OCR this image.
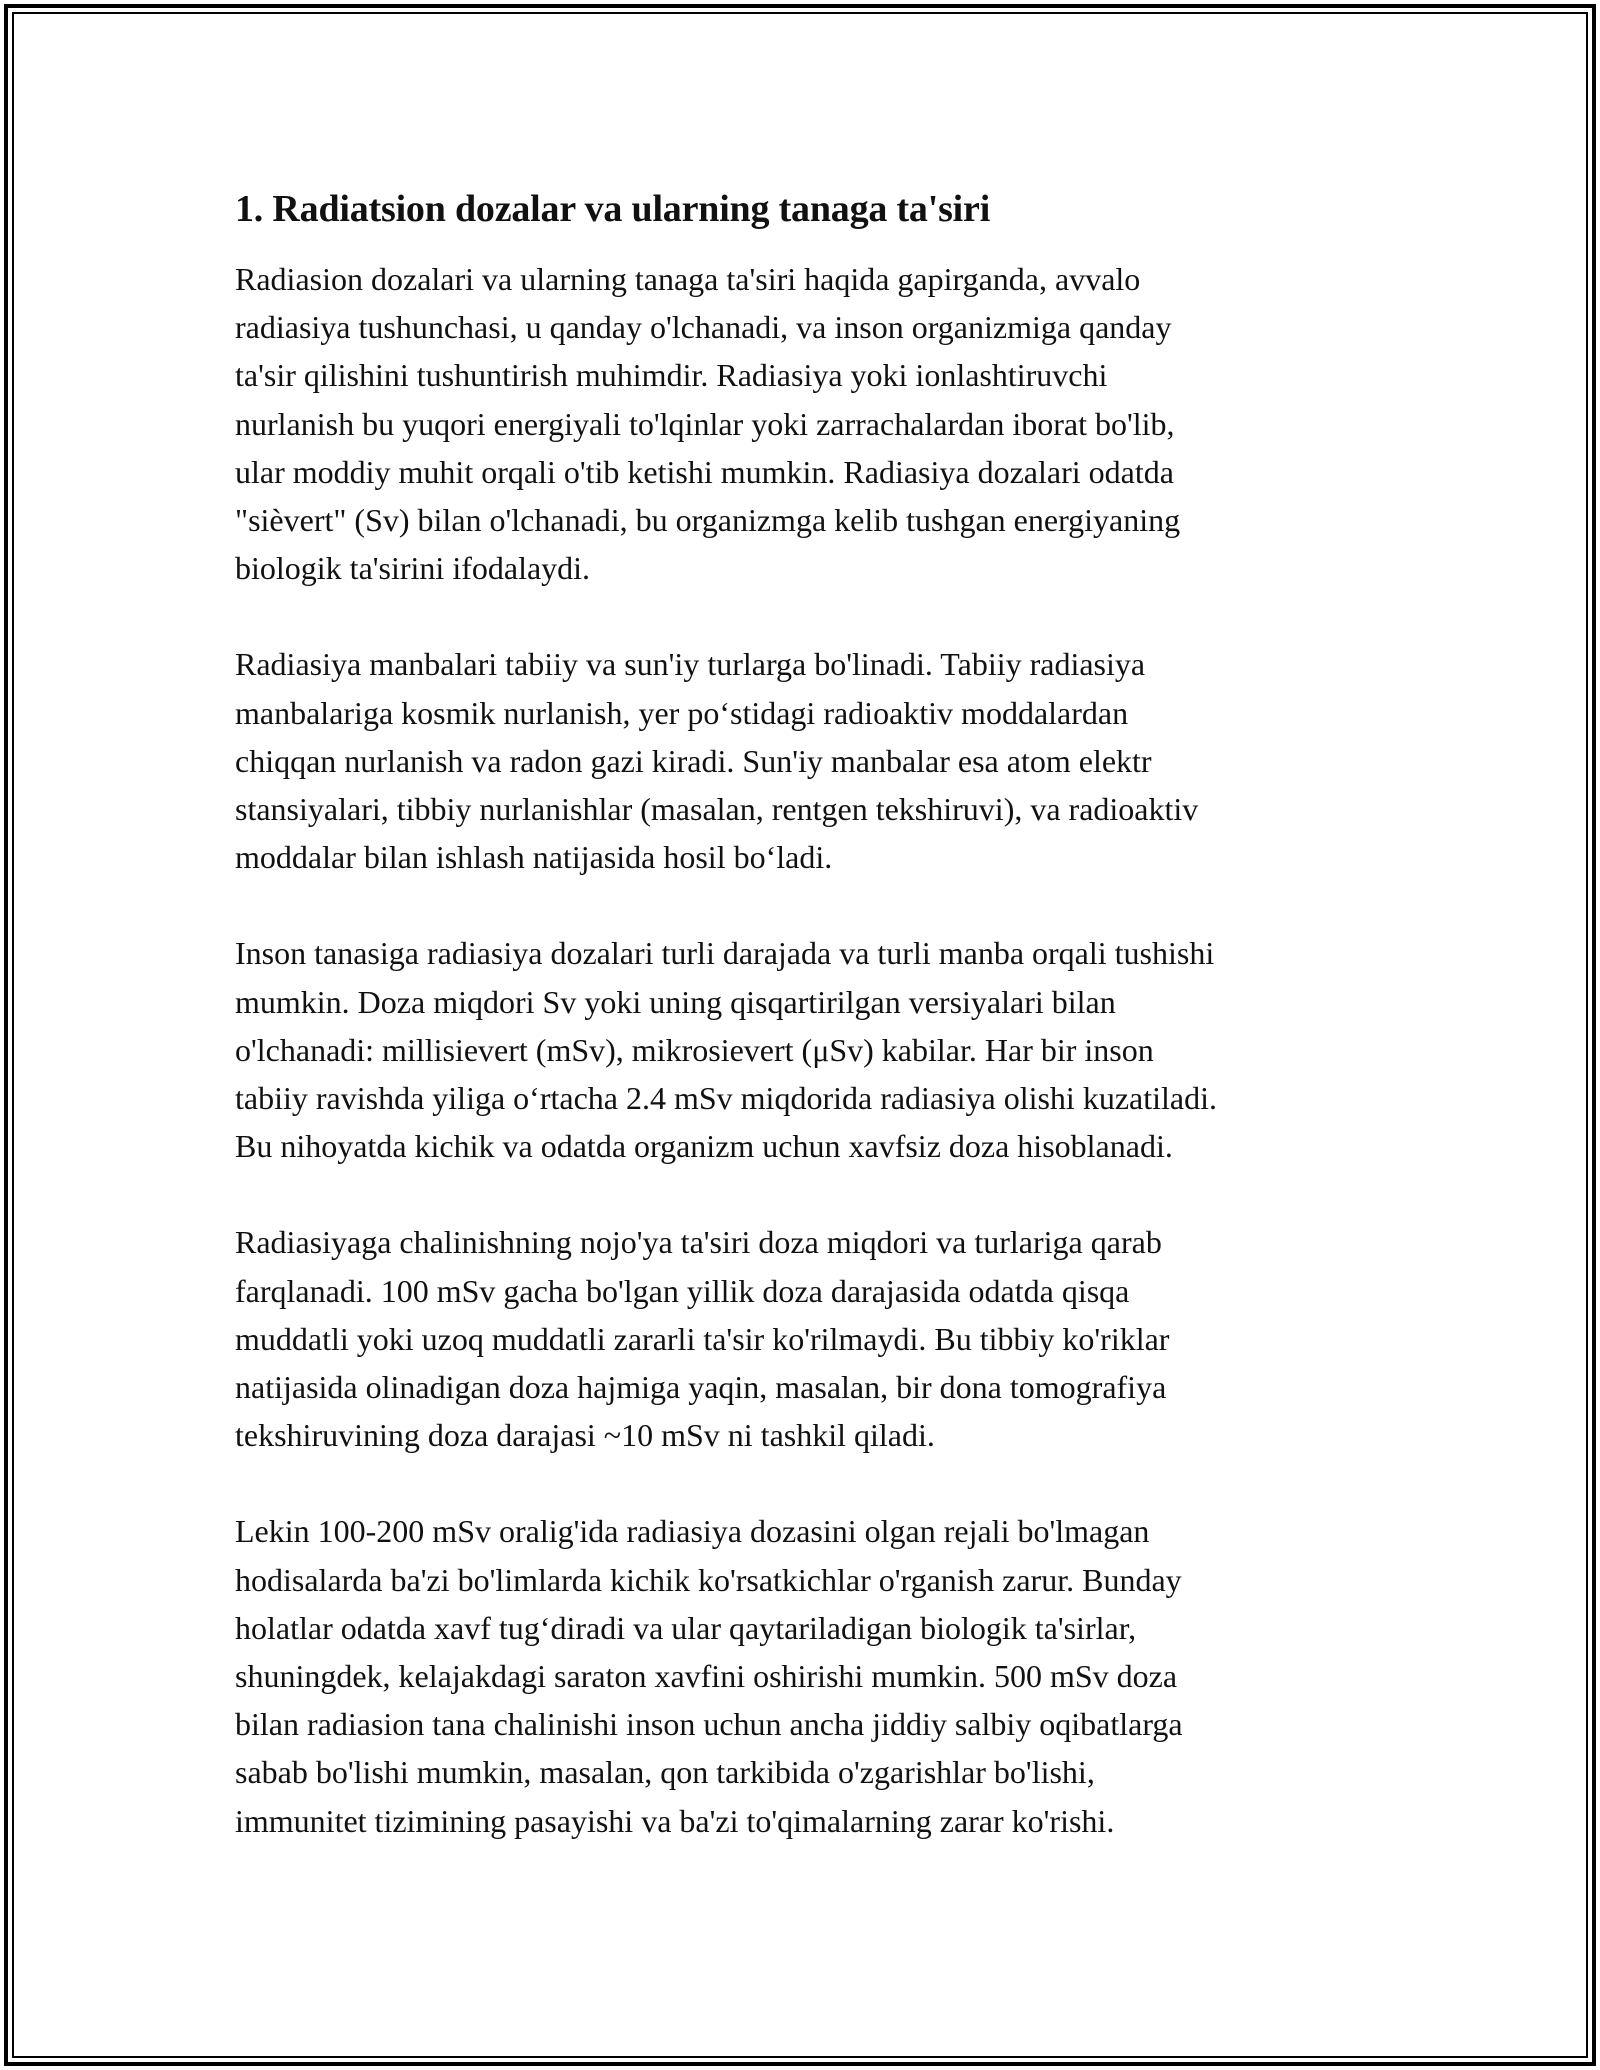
1. Radiatsion dozalar va ularning tanaga ta'siri

Radiasion dozalari va ularning tanaga ta'siri haqida gapirganda, avvalo
radiasiya tushunchasi, u qanday o'lchanadi, va inson organizmiga qanday
ta'sir qilishini tushuntirish muhimdir. Radiasiya yoki ionlashtiruvchi
nurlanish bu yuqori energiyali to'lqinlar yoki zarrachalardan iborat bo'lib,
ular moddiy muhit orqali o'tib ketishi mumkin. Radiasiya dozalari odatda
"sièvert" (Sv) bilan o'lchanadi, bu organizmga kelib tushgan energiyaning
biologik ta'sirini ifodalaydi.

Radiasiya manbalari tabiiy va sun'iy turlarga bo'linadi. Tabiiy radiasiya
manbalariga kosmik nurlanish, yer po‘stidagi radioaktiv moddalardan
chiqqan nurlanish va radon gazi kiradi. Sun'iy manbalar esa atom elektr
stansiyalari, tibbiy nurlanishlar (masalan, rentgen tekshiruvi), va radioaktiv
moddalar bilan ishlash natijasida hosil bo‘ladi.

Inson tanasiga radiasiya dozalari turli darajada va turli manba orqali tushishi
mumkin. Doza miqdori Sv yoki uning qisqartirilgan versiyalari bilan
o'lchanadi: millisievert (mSv), mikrosievert (μSv) kabilar. Har bir inson
tabiiy ravishda yiliga o‘rtacha 2.4 mSv miqdorida radiasiya olishi kuzatiladi.
Bu nihoyatda kichik va odatda organizm uchun xavfsiz doza hisoblanadi.

Radiasiyaga chalinishning nojo'ya ta'siri doza miqdori va turlariga qarab
farqlanadi. 100 mSv gacha bo'lgan yillik doza darajasida odatda qisqa
muddatli yoki uzoq muddatli zararli ta'sir ko'rilmaydi. Bu tibbiy ko'riklar
natijasida olinadigan doza hajmiga yaqin, masalan, bir dona tomografiya
tekshiruvining doza darajasi ~10 mSv ni tashkil qiladi.

Lekin 100-200 mSv oralig'ida radiasiya dozasini olgan rejali bo'lmagan
hodisalarda ba'zi bo'limlarda kichik ko'rsatkichlar o'rganish zarur. Bunday
holatlar odatda xavf tug‘diradi va ular qaytariladigan biologik ta'sirlar,
shuningdek, kelajakdagi saraton xavfini oshirishi mumkin. 500 mSv doza
bilan radiasion tana chalinishi inson uchun ancha jiddiy salbiy oqibatlarga
sabab bo'lishi mumkin, masalan, qon tarkibida o'zgarishlar bo'lishi,
immunitet tizimining pasayishi va ba'zi to'qimalarning zarar ko'rishi.
